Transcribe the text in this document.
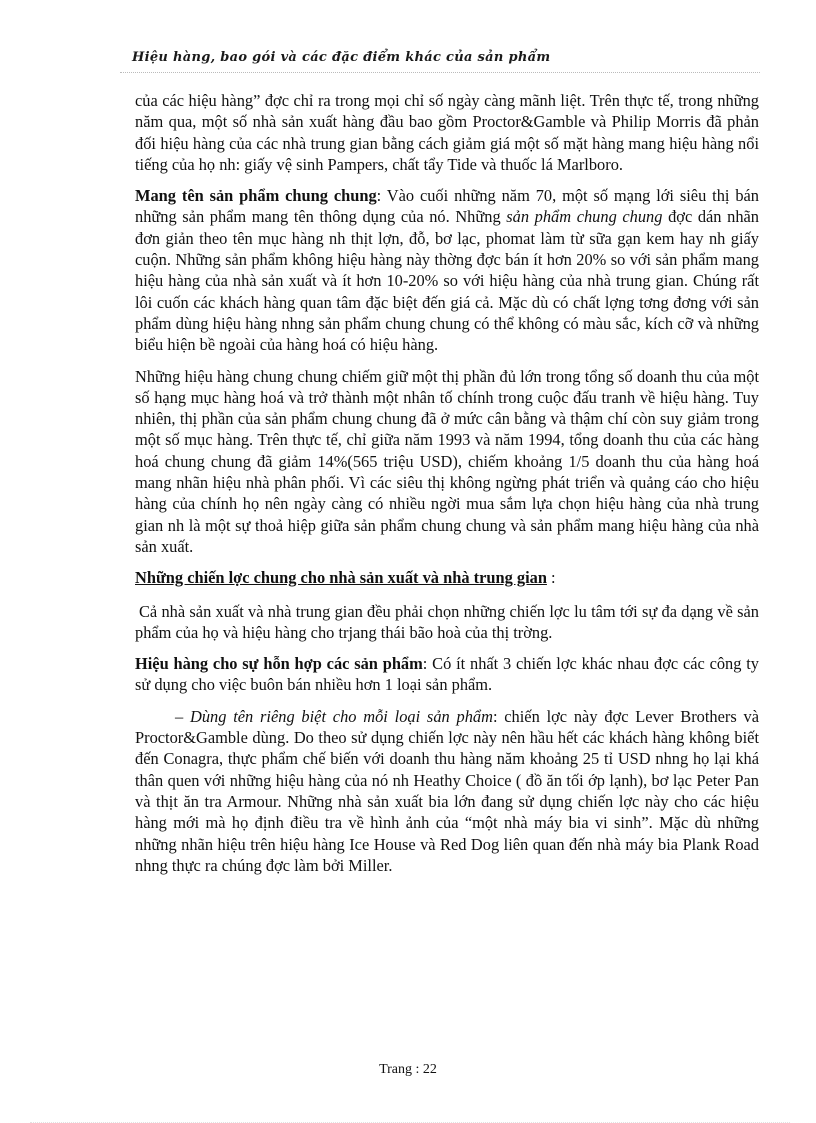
Hiệu hàng, bao gói và các đặc điểm khác của sản phẩm

của các hiệu hàng” đợc chỉ ra trong mọi chỉ số ngày càng mãnh liệt. Trên thực tế, trong những năm qua, một số nhà sản xuất hàng đầu bao gồm Proctor&Gamble và Philip Morris đã phản đối hiệu hàng của các nhà trung gian bằng cách giảm giá một số mặt hàng mang hiệu hàng nổi tiếng của họ nh: giấy vệ sinh Pampers, chất tẩy Tide và thuốc lá Marlboro.

Mang tên sản phẩm chung chung: Vào cuối những năm 70, một số mạng lới siêu thị bán những sản phẩm mang tên thông dụng của nó. Những sản phẩm chung chung đợc dán nhãn đơn giản theo tên mục hàng nh thịt lợn, đỗ, bơ lạc, phomat làm từ sữa gạn kem hay nh giấy cuộn. Những sản phẩm không hiệu hàng này thờng đợc bán ít hơn 20% so với sản phẩm mang hiệu hàng của nhà sản xuất và ít hơn 10-20% so với hiệu hàng của nhà trung gian. Chúng rất lôi cuốn các khách hàng quan tâm đặc biệt đến giá cả. Mặc dù có chất lợng tơng đơng với sản phẩm dùng hiệu hàng nhng sản phẩm chung chung có thể không có màu sắc, kích cỡ và những biểu hiện bề ngoài của hàng hoá có hiệu hàng.

Những hiệu hàng chung chung chiếm giữ một thị phần đủ lớn trong tổng số doanh thu của một số hạng mục hàng hoá và trở thành một nhân tố chính trong cuộc đấu tranh về hiệu hàng. Tuy nhiên, thị phần của sản phẩm chung chung đã ở mức cân bằng và thậm chí còn suy giảm trong một số mục hàng. Trên thực tế, chỉ giữa năm 1993 và năm 1994, tổng doanh thu của các hàng hoá chung chung đã giảm 14%(565 triệu USD), chiếm khoảng 1/5 doanh thu của hàng hoá mang nhãn hiệu nhà phân phối. Vì các siêu thị không ngừng phát triển và quảng cáo cho hiệu hàng của chính họ nên ngày càng có nhiều ngời mua sắm lựa chọn hiệu hàng của nhà trung gian nh là một sự thoả hiệp giữa sản phẩm chung chung và sản phẩm mang hiệu hàng của nhà sản xuất.

Những chiến lợc chung cho nhà sản xuất và nhà trung gian :

Cả nhà sản xuất và nhà trung gian đều phải chọn những chiến lợc lu tâm tới sự đa dạng về sản phẩm của họ và hiệu hàng cho trjang thái bão hoà của thị trờng.

Hiệu hàng cho sự hỗn hợp các sản phẩm: Có ít nhất 3 chiến lợc khác nhau đợc các công ty sử dụng cho việc buôn bán nhiều hơn 1 loại sản phẩm.

– Dùng tên riêng biệt cho mỗi loại sản phẩm: chiến lợc này đợc Lever Brothers và Proctor&Gamble dùng. Do theo sử dụng chiến lợc này nên hầu hết các khách hàng không biết đến Conagra, thực phẩm chế biến với doanh thu hàng năm khoảng 25 tỉ USD nhng họ lại khá thân quen với những hiệu hàng của nó nh Heathy Choice ( đồ ăn tối ớp lạnh), bơ lạc Peter Pan và thịt ăn tra Armour. Những nhà sản xuất bia lớn đang sử dụng chiến lợc này cho các hiệu hàng mới mà họ định điều tra về hình ảnh của “một nhà máy bia vi sinh”. Mặc dù những những nhãn hiệu trên hiệu hàng Ice House và Red Dog liên quan đến nhà máy bia Plank Road nhng thực ra chúng đợc làm bởi Miller.

Trang : 22
